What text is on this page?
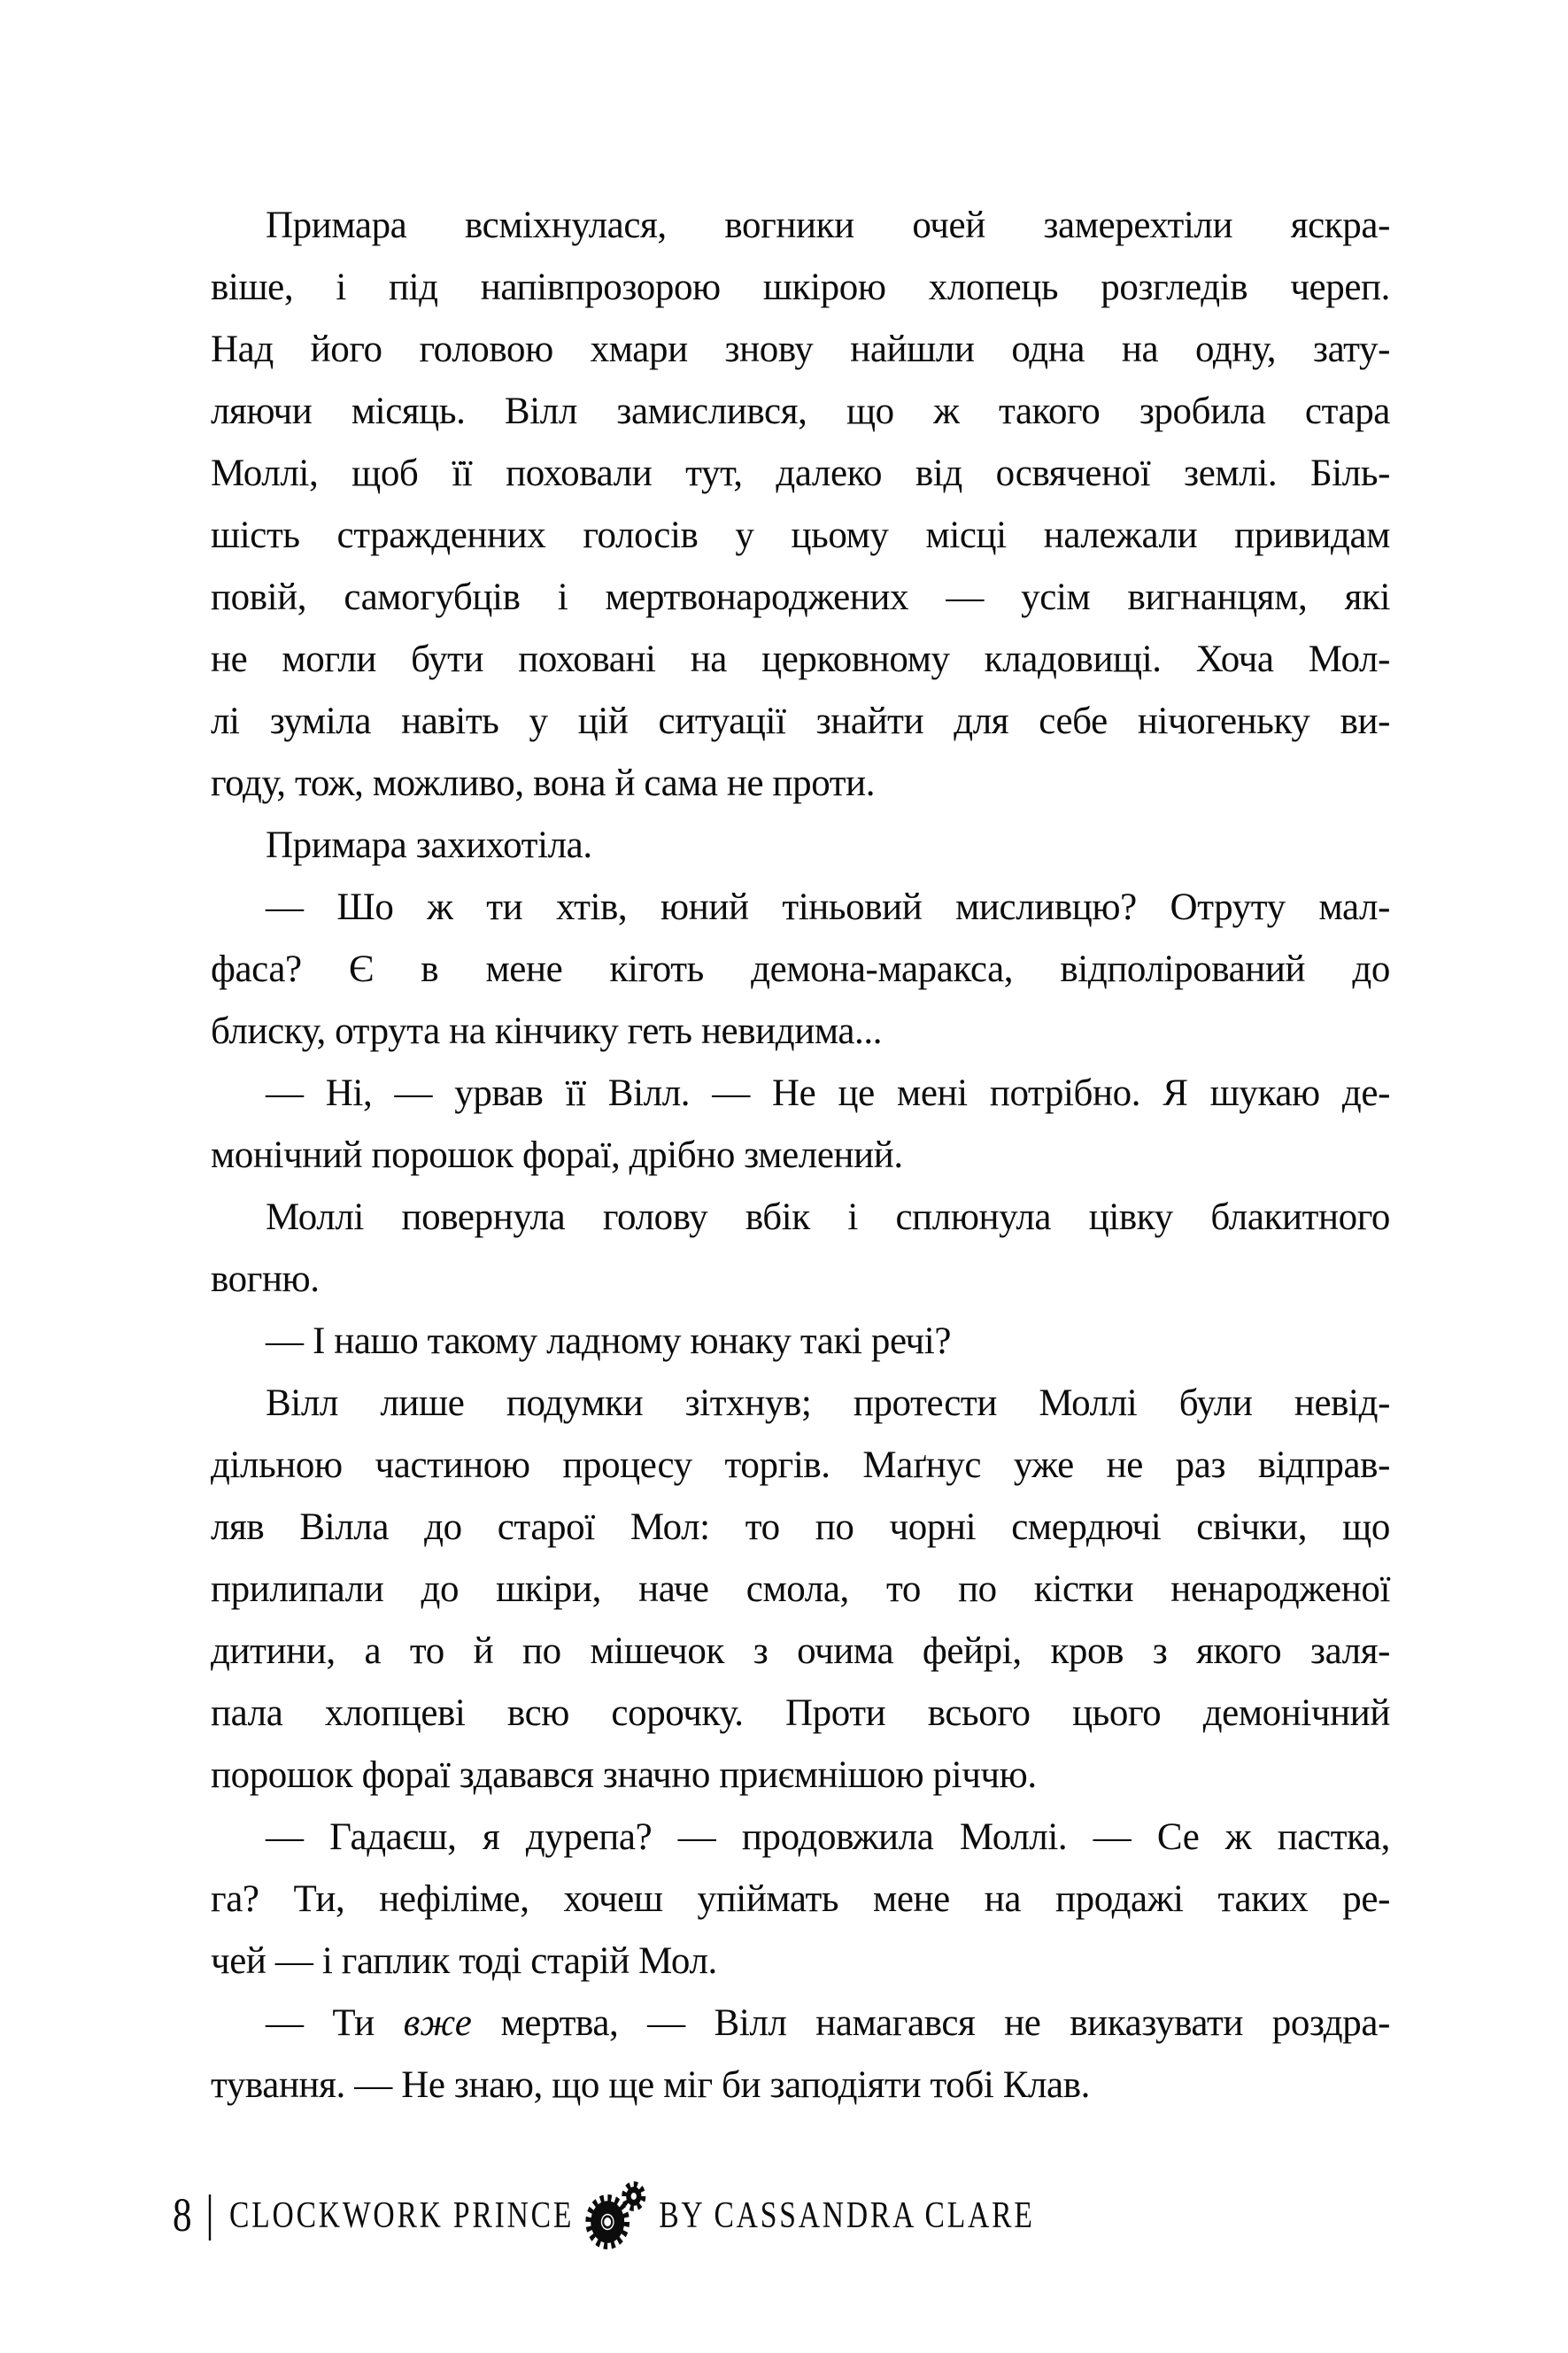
Примара всміхнулася, вогники очей замерехтіли яскра-
віше, і під напівпрозорою шкірою хлопець розгледів череп.
Над його головою хмари знову найшли одна на одну, зату-
ляючи місяць. Вілл замислився, що ж такого зробила стара
Моллі, щоб її поховали тут, далеко від освяченої землі. Біль-
шість стражденних голосів у цьому місці належали привидам
повій, самогубців і мертвонароджених — усім вигнанцям, які
не могли бути поховані на церковному кладовищі. Хоча Мол-
лі зуміла навіть у цій ситуації знайти для себе нічогеньку ви-
году, тож, можливо, вона й сама не проти.
Примара захихотіла.
— Шо ж ти хтів, юний тіньовий мисливцю? Отруту мал-
фаса? Є в мене кіготь демона-маракса, відполірований до
блиску, отрута на кінчику геть невидима...
— Ні, — урвав її Вілл. — Не це мені потрібно. Я шукаю де-
монічний порошок фораї, дрібно змелений.
Моллі повернула голову вбік і сплюнула цівку блакитного
вогню.
— І нашо такому ладному юнаку такі речі?
Вілл лише подумки зітхнув; протести Моллі були невід-
дільною частиною процесу торгів. Маґнус уже не раз відправ-
ляв Вілла до старої Мол: то по чорні смердючі свічки, що
прилипали до шкіри, наче смола, то по кістки ненародженої
дитини, а то й по мішечок з очима фейрі, кров з якого заля-
пала хлопцеві всю сорочку. Проти всього цього демонічний
порошок фораї здавався значно приємнішою річчю.
— Гадаєш, я дурепа? — продовжила Моллі. — Се ж пастка,
га? Ти, нефіліме, хочеш упіймать мене на продажі таких ре-
чей — і гаплик тоді старій Мол.
— Ти вже мертва, — Вілл намагався не виказувати роздра-
тування. — Не знаю, що ще міг би заподіяти тобі Клав.
8 CLOCKWORK PRINCE BY CASSANDRA CLARE
